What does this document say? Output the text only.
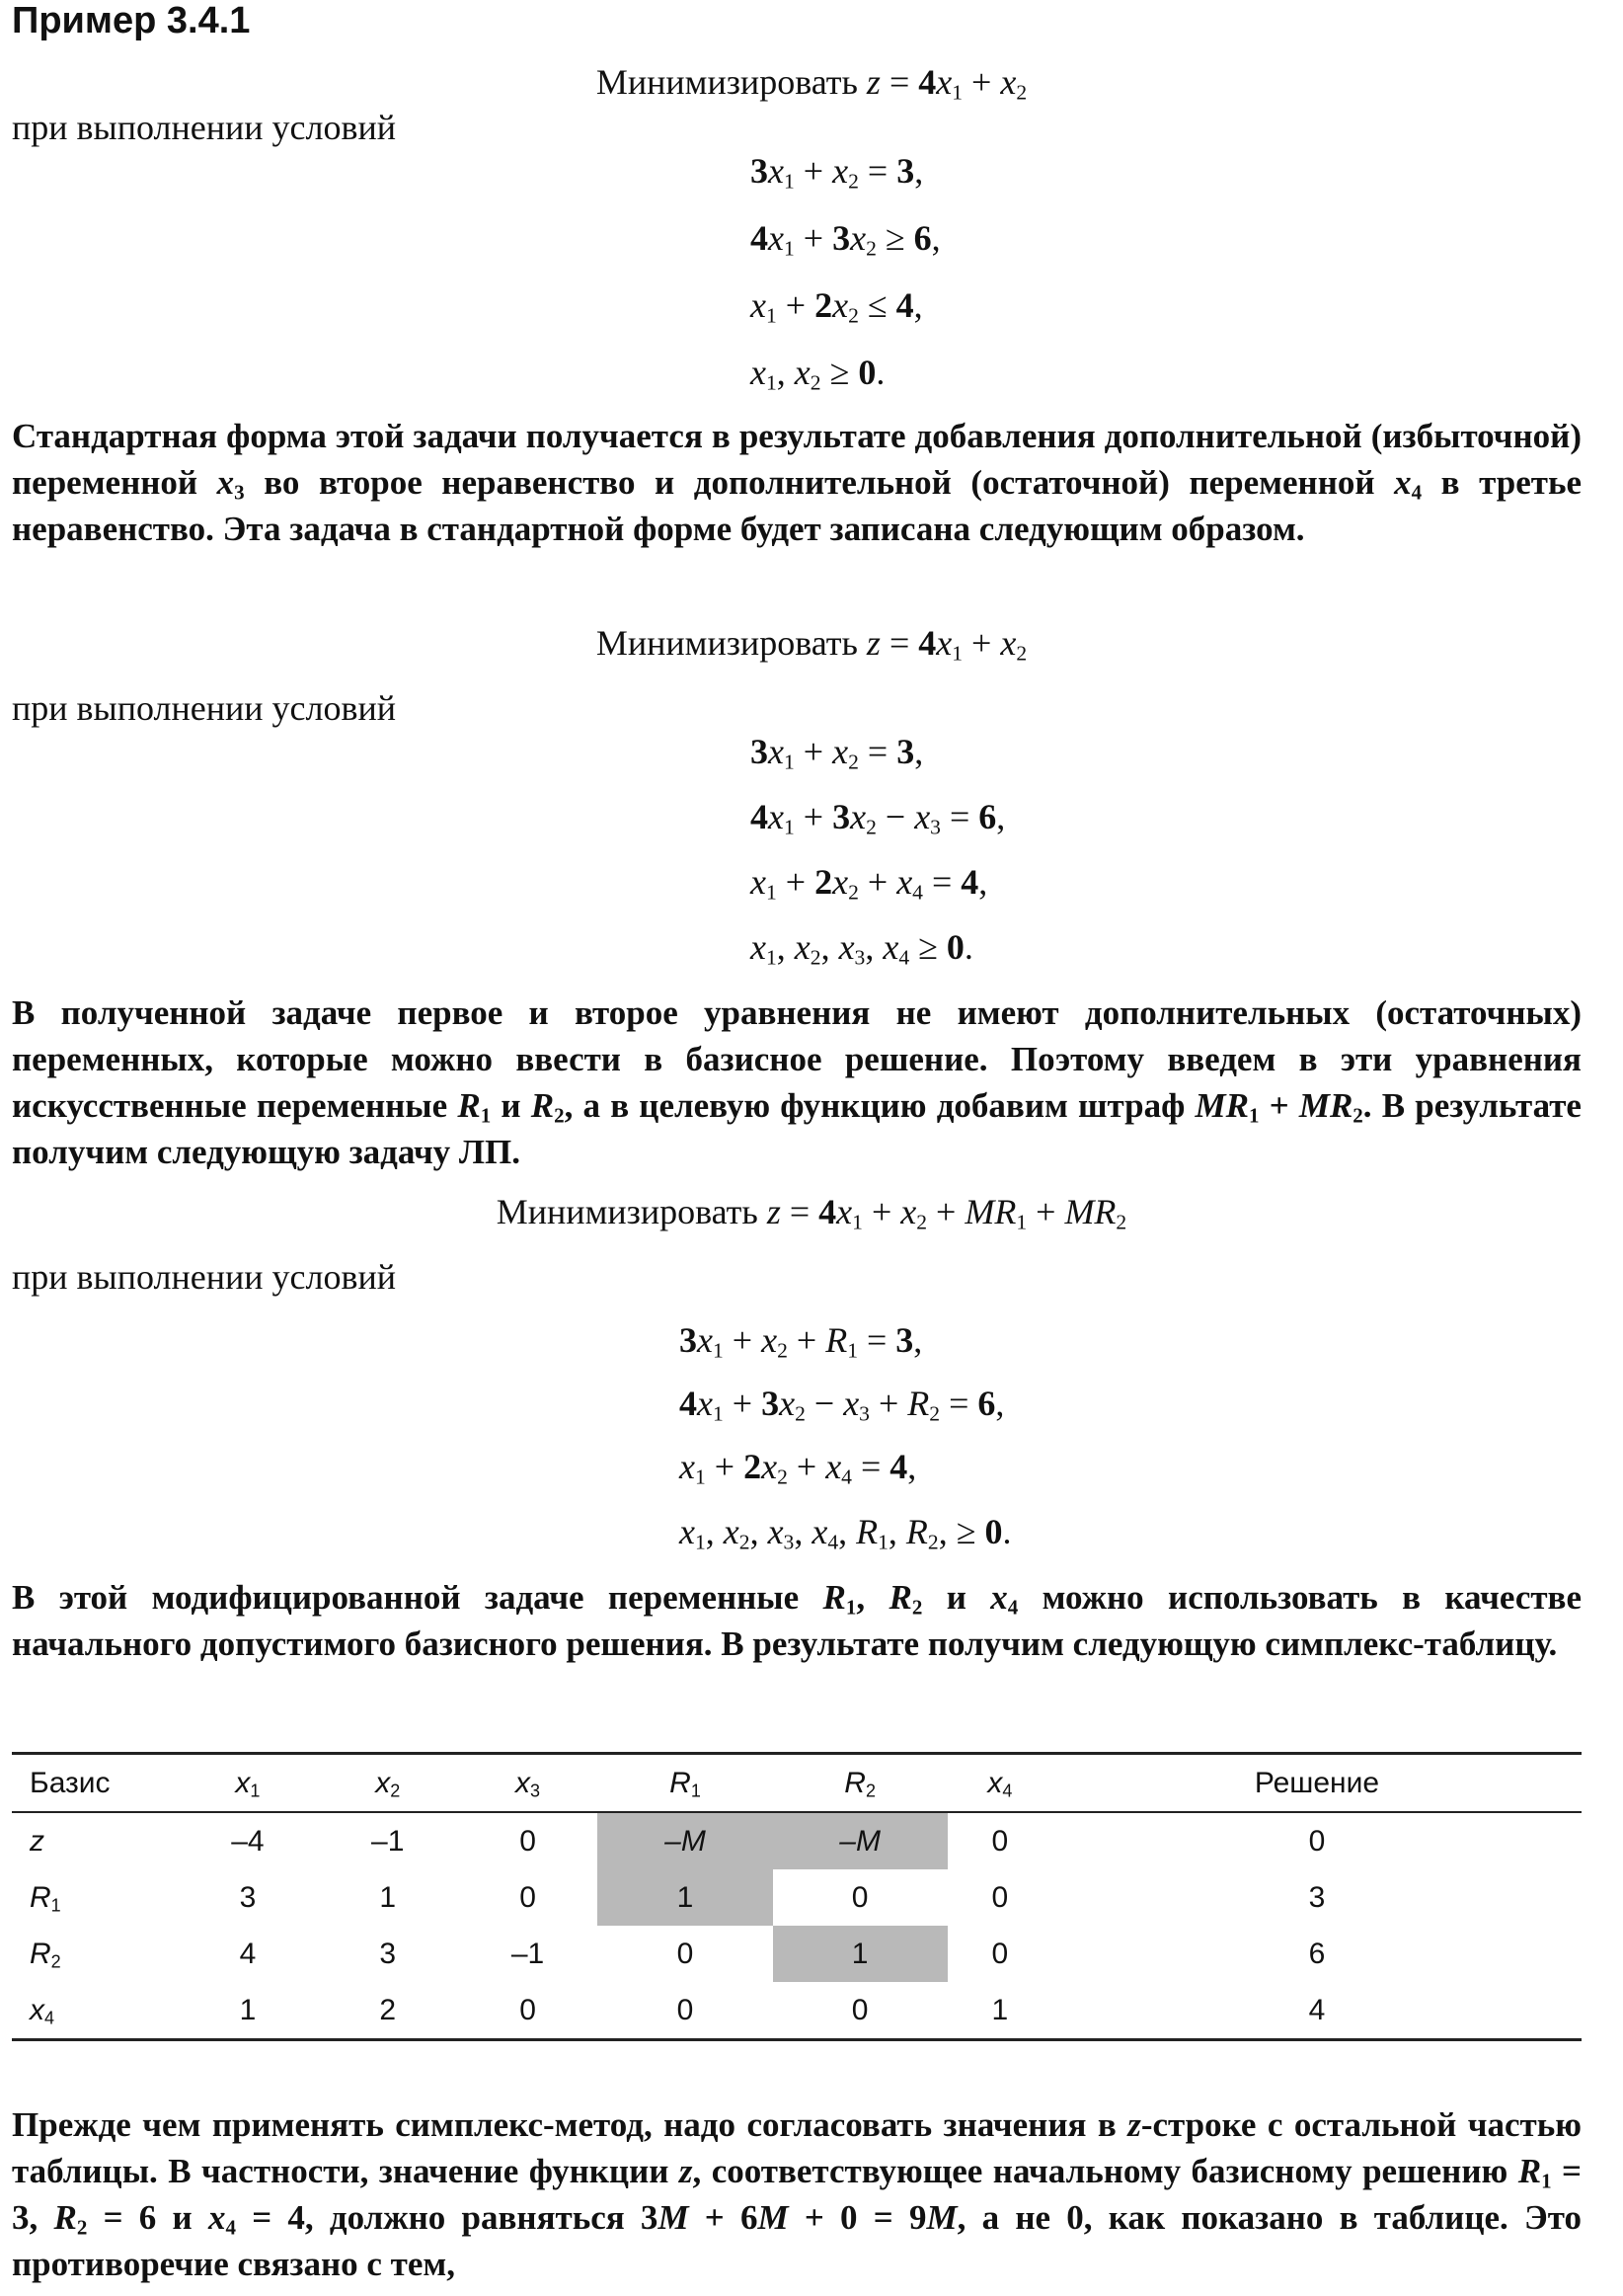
Пример 3.4.1
Минимизировать $z = 4x_1 + x_2$
при выполнении условий
$3x_1 + x_2 = 3$,
$4x_1 + 3x_2 \ge 6$,
$x_1 + 2x_2 \le 4$,
$x_1$, $x_2 \ge 0$.
Стандартная форма этой задачи получается в результате добавления дополнительной (избыточной) переменной $x_3$ во второе неравенство и дополнительной (остаточной) переменной $x_4$ в третье неравенство. Эта задача в стандартной форме будет записана следующим образом.
Минимизировать $z = 4x_1 + x_2$
при выполнении условий
$3x_1 + x_2 = 3$,
$4x_1 + 3x_2 - x_3 = 6$,
$x_1 + 2x_2 + x_4 = 4$,
$x_1$, $x_2$, $x_3$, $x_4 \ge 0$.
В полученной задаче первое и второе уравнения не имеют дополнительных (остаточных) переменных, которые можно ввести в базисное решение. Поэтому введем в эти уравнения искусственные переменные $R_1$ и $R_2$, а в целевую функцию добавим штраф $MR_1 + MR_2$. В результате получим следующую задачу ЛП.
Минимизировать $z = 4x_1 + x_2 + MR_1 + MR_2$
при выполнении условий
$3x_1 + x_2 + R_1 = 3$,
$4x_1 + 3x_2 - x_3 + R_2 = 6$,
$x_1 + 2x_2 + x_4 = 4$,
$x_1$, $x_2$, $x_3$, $x_4$, $R_1$, $R_2$, ≥ 0.
В этой модифицированной задаче переменные $R_1$, $R_2$ и $x_4$ можно использовать в качестве начального допустимого базисного решения. В результате получим следующую симплекс-таблицу.
Базис	$x_1$	$x_2$	$x_3$	$R_1$	$R_2$	$x_4$	Решение
z	–4	–1	0	–M	–M	0	0
$R_1$	3	1	0	1	0	0	3
$R_2$	4	3	–1	0	1	0	6
$x_4$	1	2	0	0	0	1	4
Прежде чем применять симплекс-метод, надо согласовать значения в z-строке с остальной частью таблицы. В частности, значение функции z, соответствующее начальному базисному решению $R_1 = 3$, $R_2 = 6$ и $x_4 = 4$, должно равняться 3M + 6M + 0 = 9M, а не 0, как показано в таблице. Это противоречие связано с тем,
